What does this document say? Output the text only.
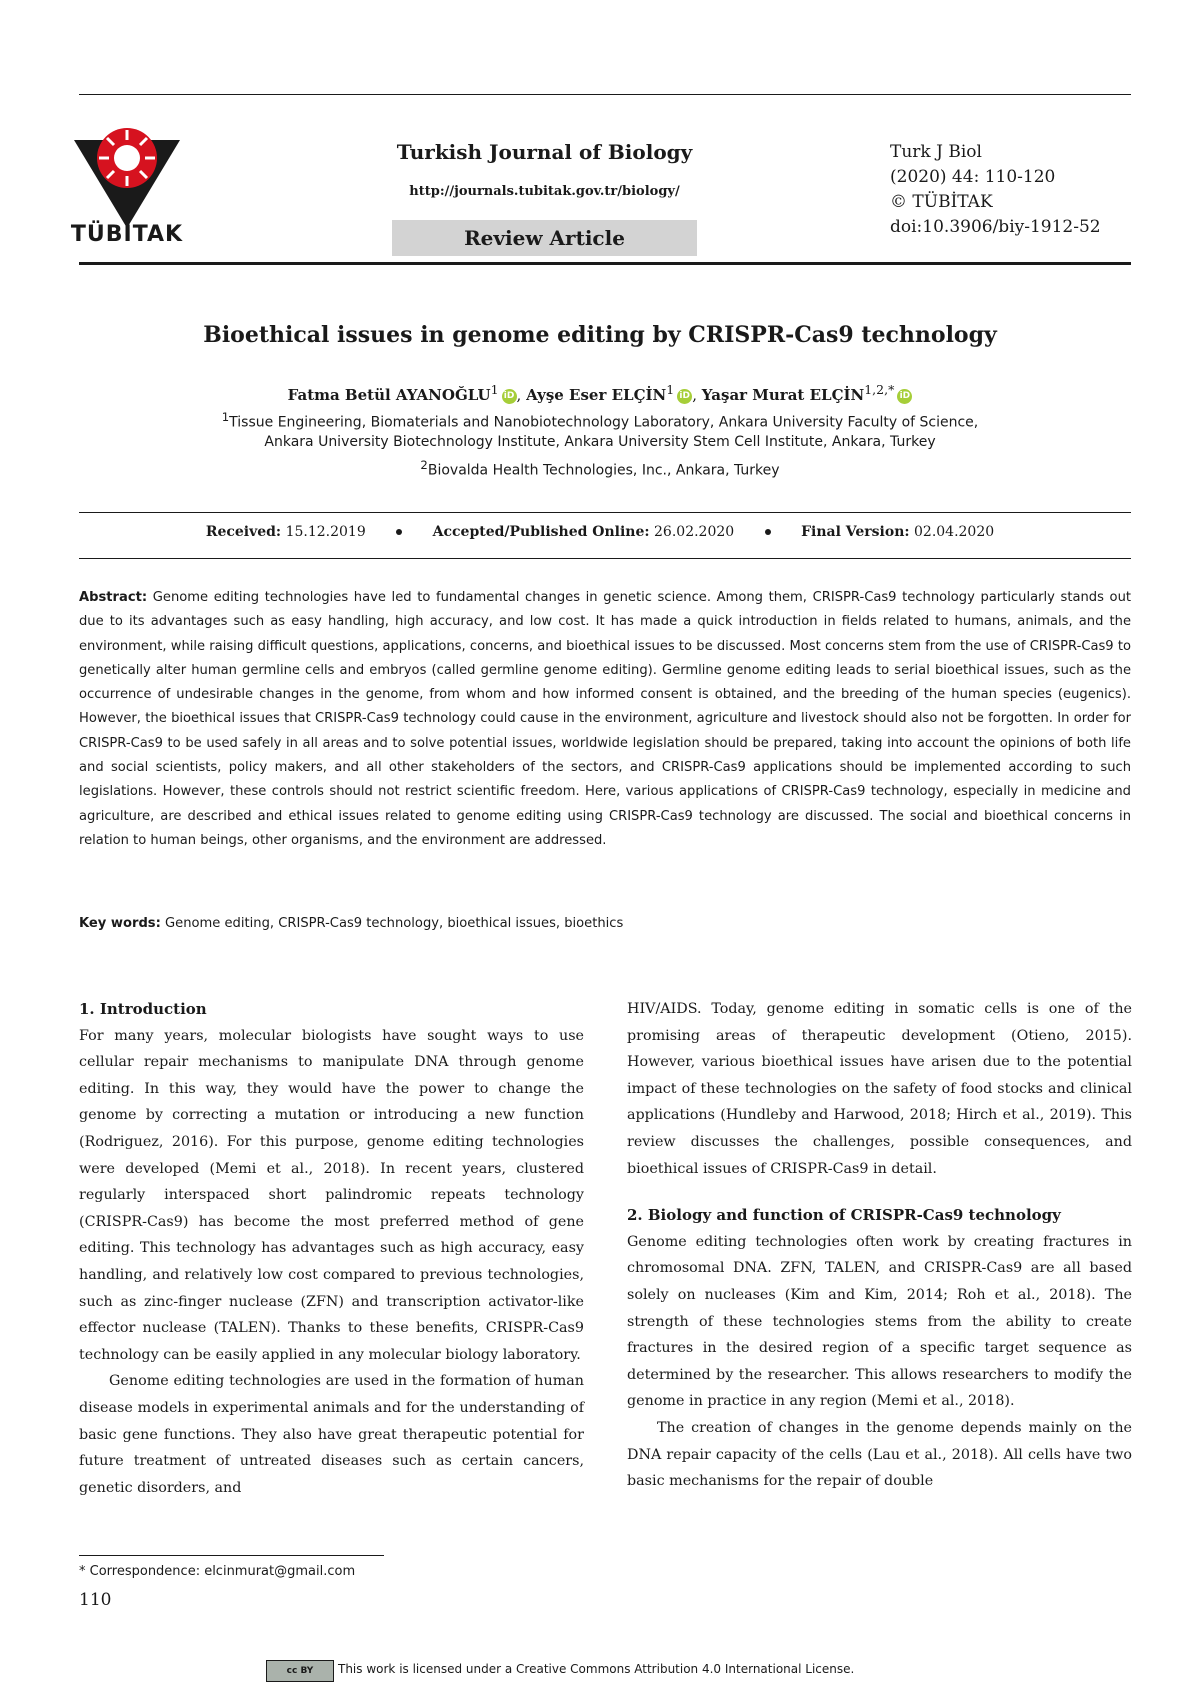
TÜBİTAK
Turkish Journal of Biology
http://journals.tubitak.gov.tr/biology/
Review Article
Turk J Biol
(2020) 44: 110-120
© TÜBİTAK
doi:10.3906/biy-1912-52
Bioethical issues in genome editing by CRISPR-Cas9 technology
Fatma Betül AYANOĞLU$^1$ iD , Ayşe Eser ELÇİN$^1$ iD , Yaşar Murat $ELÇİN^{1,2,*}$ iD
$^1$Tissue Engineering, Biomaterials and Nanobiotechnology Laboratory, Ankara University Faculty of Science,
Ankara University Biotechnology Institute, Ankara University Stem Cell Institute, Ankara, Turkey
$^2$Biovalda Health Technologies, Inc., Ankara, Turkey
Received: 15.12.2019	Accepted/Published Online: 26.02.2020	Final Version: 02.04.2020
Abstract: Genome editing technologies have led to fundamental changes in genetic science. Among them, CRISPR-Cas9 technology particularly stands out due to its advantages such as easy handling, high accuracy, and low cost. It has made a quick introduction in fields related to humans, animals, and the environment, while raising difficult questions, applications, concerns, and bioethical issues to be discussed. Most concerns stem from the use of CRISPR-Cas9 to genetically alter human germline cells and embryos (called germline genome editing). Germline genome editing leads to serial bioethical issues, such as the occurrence of undesirable changes in the genome, from whom and how informed consent is obtained, and the breeding of the human species (eugenics). However, the bioethical issues that CRISPR-Cas9 technology could cause in the environment, agriculture and livestock should also not be forgotten. In order for CRISPR-Cas9 to be used safely in all areas and to solve potential issues, worldwide legislation should be prepared, taking into account the opinions of both life and social scientists, policy makers, and all other stakeholders of the sectors, and CRISPR-Cas9 applications should be implemented according to such legislations. However, these controls should not restrict scientific freedom. Here, various applications of CRISPR-Cas9 technology, especially in medicine and agriculture, are described and ethical issues related to genome editing using CRISPR-Cas9 technology are discussed. The social and bioethical concerns in relation to human beings, other organisms, and the environment are addressed.
Key words: Genome editing, CRISPR-Cas9 technology, bioethical issues, bioethics
1. Introduction

For many years, molecular biologists have sought ways to use cellular repair mechanisms to manipulate DNA through genome editing. In this way, they would have the power to change the genome by correcting a mutation or introducing a new function (Rodriguez, 2016). For this purpose, genome editing technologies were developed (Memi et al., 2018). In recent years, clustered regularly interspaced short palindromic repeats technology (CRISPR-Cas9) has become the most preferred method of gene editing. This technology has advantages such as high accuracy, easy handling, and relatively low cost compared to previous technologies, such as zinc-finger nuclease (ZFN) and transcription activator-like effector nuclease (TALEN). Thanks to these benefits, CRISPR-Cas9 technology can be easily applied in any molecular biology laboratory.

Genome editing technologies are used in the formation of human disease models in experimental animals and for the understanding of basic gene functions. They also have great therapeutic potential for future treatment of untreated diseases such as certain cancers, genetic disorders, and

HIV/AIDS. Today, genome editing in somatic cells is one of the promising areas of therapeutic development (Otieno, 2015). However, various bioethical issues have arisen due to the potential impact of these technologies on the safety of food stocks and clinical applications (Hundleby and Harwood, 2018; Hirch et al., 2019). This review discusses the challenges, possible consequences, and bioethical issues of CRISPR-Cas9 in detail.

2. Biology and function of CRISPR-Cas9 technology

Genome editing technologies often work by creating fractures in chromosomal DNA. ZFN, TALEN, and CRISPR-Cas9 are all based solely on nucleases (Kim and Kim, 2014; Roh et al., 2018). The strength of these technologies stems from the ability to create fractures in the desired region of a specific target sequence as determined by the researcher. This allows researchers to modify the genome in practice in any region (Memi et al., 2018).

The creation of changes in the genome depends mainly on the DNA repair capacity of the cells (Lau et al., 2018). All cells have two basic mechanisms for the repair of double

* Correspondence: elcinmurat@gmail.com
110
cc BY	This work is licensed under a Creative Commons Attribution 4.0 International License.
